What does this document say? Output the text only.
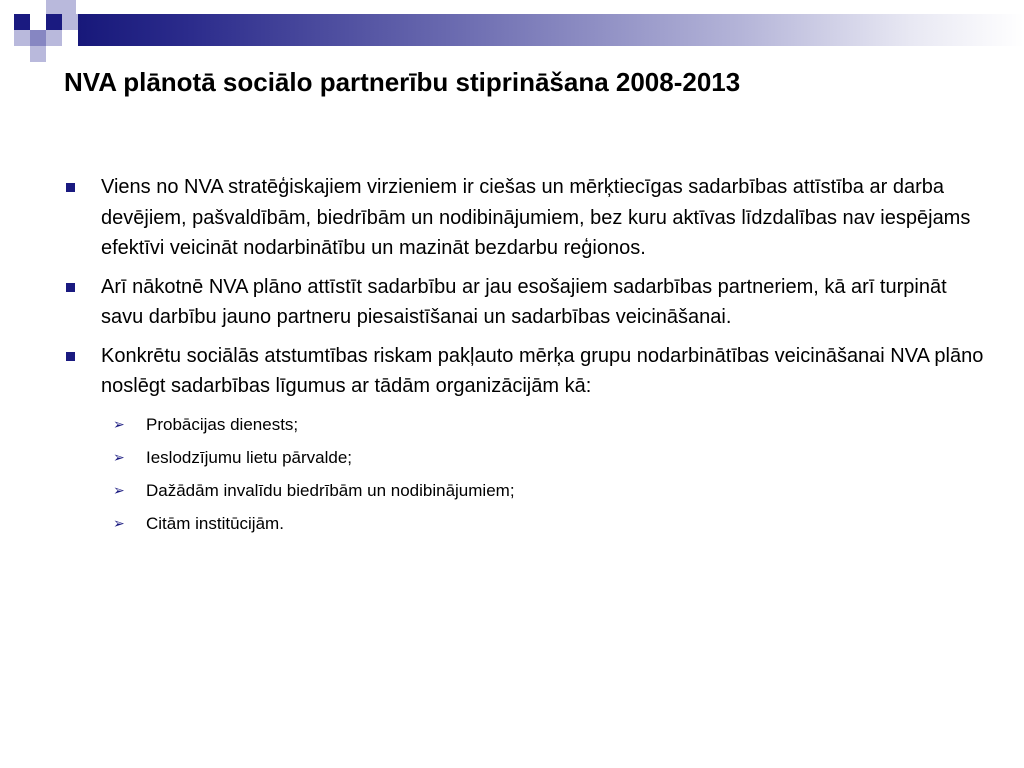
NVA plānotā sociālo partnerību stiprināšana 2008-2013
Viens no NVA stratēģiskajiem virzieniem ir ciešas un mērķtiecīgas sadarbības attīstība ar darba devējiem, pašvaldībām, biedrībām un nodibinājumiem, bez kuru aktīvas līdzdalības nav iespējams efektīvi veicināt nodarbinātību un mazināt bezdarbu reģionos.
Arī nākotnē NVA plāno attīstīt sadarbību ar jau esošajiem sadarbības partneriem, kā arī turpināt savu darbību jauno partneru piesaistīšanai un sadarbības veicināšanai.
Konkrētu sociālās atstumtības riskam pakļauto mērķa grupu nodarbinātības veicināšanai NVA plāno noslēgt sadarbības līgumus ar tādām organizācijām kā:
➢ Probācijas dienests;
➢ Ieslodzījumu lietu pārvalde;
➢ Dažādām invalīdu biedrībām un nodibinājumiem;
➢ Citām institūcijām.
